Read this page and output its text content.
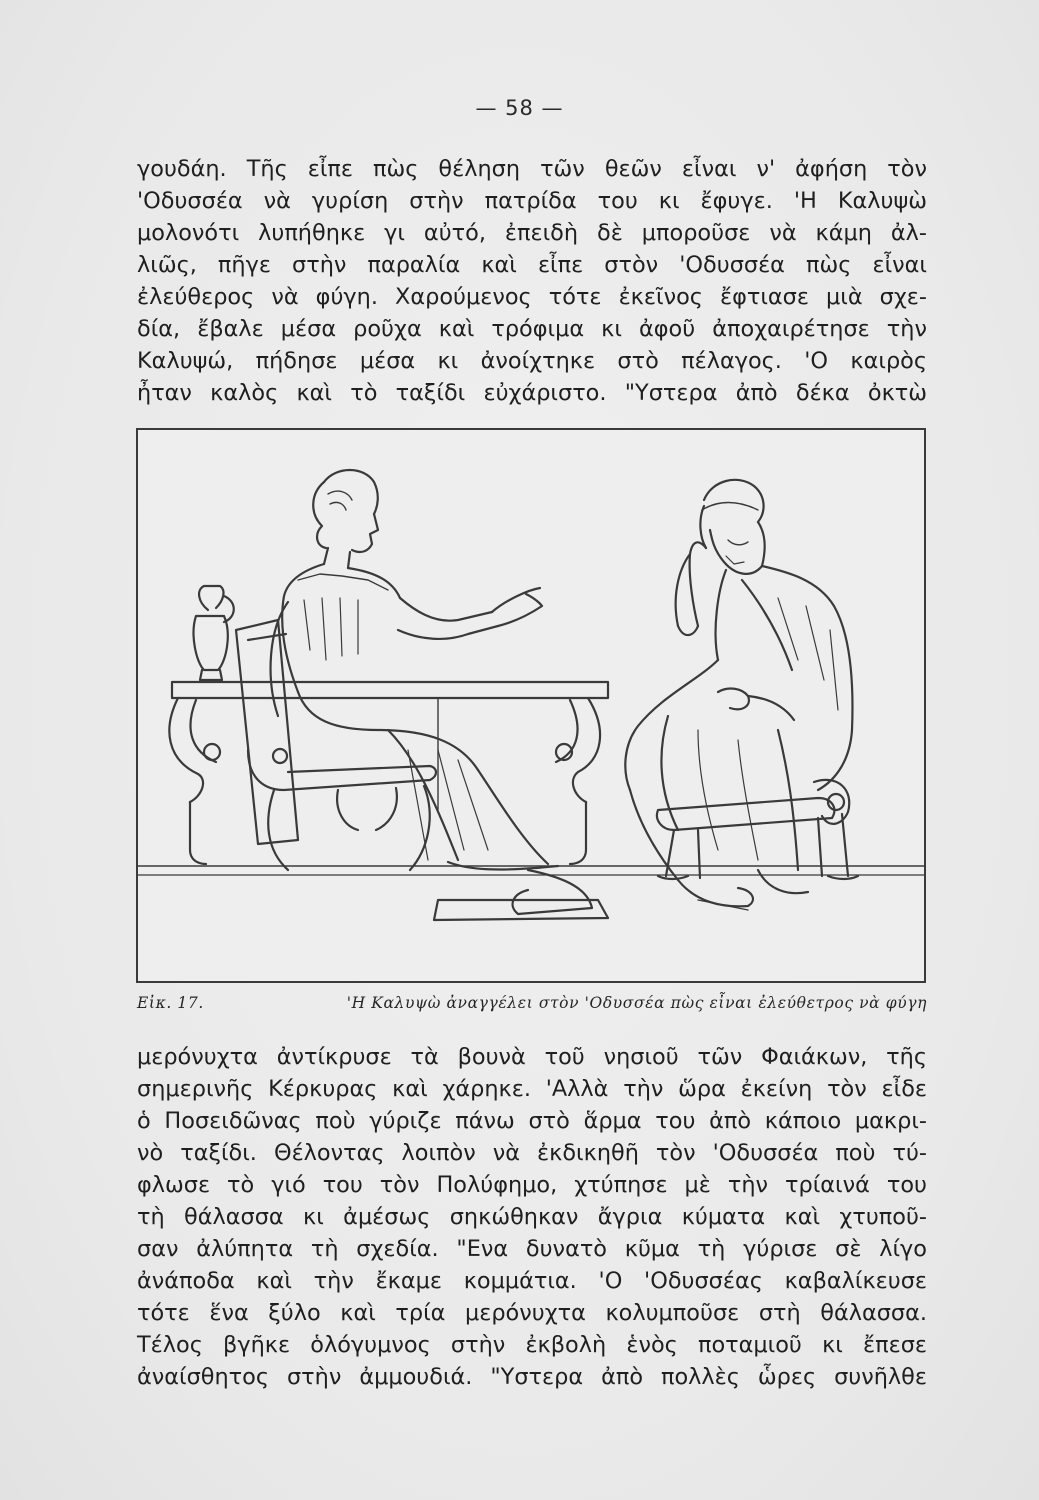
— 58 —
γουδάη. Τῆς εἶπε πὼς θέληση τῶν θεῶν εἶναι ν' ἀφήση τὸν
'Οδυσσέα νὰ γυρίση στὴν πατρίδα του κι ἔφυγε. 'Η Καλυψὼ
μολονότι λυπήθηκε γι αὐτό, ἐπειδὴ δὲ μποροῦσε νὰ κάμη ἀλ-
λιῶς, πῆγε στὴν παραλία καὶ εἶπε στὸν 'Οδυσσέα πὼς εἶναι
ἐλεύθερος νὰ φύγη. Χαρούμενος τότε ἐκεῖνος ἔφτιασε μιὰ σχε-
δία, ἔβαλε μέσα ροῦχα καὶ τρόφιμα κι ἀφοῦ ἀποχαιρέτησε τὴν
Καλυψώ, πήδησε μέσα κι ἀνοίχτηκε στὸ πέλαγος. 'Ο καιρὸς
ἦταν καλὸς καὶ τὸ ταξίδι εὐχάριστο. "Υστερα ἀπὸ δέκα ὀκτὼ
Εἰκ. 17.	'Η Καλυψὼ ἀναγγέλει στὸν 'Οδυσσέα πὼς εἶναι ἐλεύθετρος νὰ φύγη
μερόνυχτα ἀντίκρυσε τὰ βουνὰ τοῦ νησιοῦ τῶν Φαιάκων, τῆς
σημερινῆς Κέρκυρας καὶ χάρηκε. 'Αλλὰ τὴν ὥρα ἐκείνη τὸν εἶδε
ὁ Ποσειδῶνας ποὺ γύριζε πάνω στὸ ἅρμα του ἀπὸ κάποιο μακρι-
νὸ ταξίδι. Θέλοντας λοιπὸν νὰ ἐκδικηθῆ τὸν 'Οδυσσέα ποὺ τύ-
φλωσε τὸ γιό του τὸν Πολύφημο, χτύπησε μὲ τὴν τρίαινά του
τὴ θάλασσα κι ἀμέσως σηκώθηκαν ἄγρια κύματα καὶ χτυποῦ-
σαν ἀλύπητα τὴ σχεδία. "Ενα δυνατὸ κῦμα τὴ γύρισε σὲ λίγο
ἀνάποδα καὶ τὴν ἔκαμε κομμάτια. 'Ο 'Οδυσσέας καβαλίκευσε
τότε ἕνα ξύλο καὶ τρία μερόνυχτα κολυμποῦσε στὴ θάλασσα.
Τέλος βγῆκε ὁλόγυμνος στὴν ἐκβολὴ ἑνὸς ποταμιοῦ κι ἔπεσε
ἀναίσθητος στὴν ἀμμουδιά. "Υστερα ἀπὸ πολλὲς ὧρες συνῆλθε
